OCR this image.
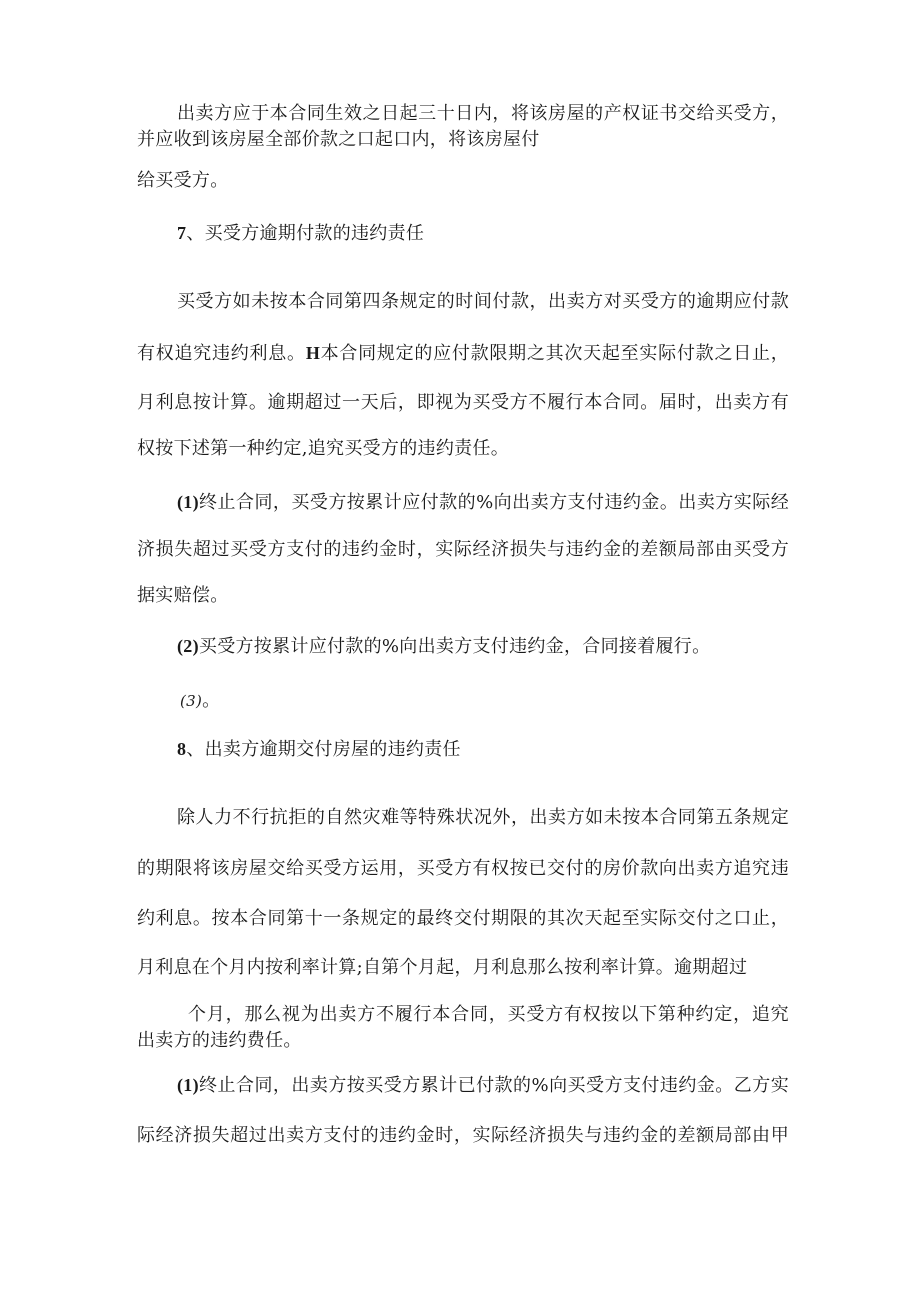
出卖方应于本合同生效之日起三十日内，将该房屋的产权证书交给买受方，
并应收到该房屋全部价款之口起口内，将该房屋付
给买受方。
7、买受方逾期付款的违约责任
买受方如未按本合同第四条规定的时间付款，出卖方对买受方的逾期应付款
有权追究违约利息。H本合同规定的应付款限期之其次天起至实际付款之日止，
月利息按计算。逾期超过一天后，即视为买受方不履行本合同。届时，出卖方有
权按下述第一种约定,追究买受方的违约责任。
(1)终止合同，买受方按累计应付款的%向出卖方支付违约金。出卖方实际经
济损失超过买受方支付的违约金时，实际经济损失与违约金的差额局部由买受方
据实赔偿。
(2)买受方按累计应付款的%向出卖方支付违约金，合同接着履行。
(3)。
8、出卖方逾期交付房屋的违约责任
除人力不行抗拒的自然灾难等特殊状况外，出卖方如未按本合同第五条规定
的期限将该房屋交给买受方运用，买受方有权按已交付的房价款向出卖方追究违
约利息。按本合同第十一条规定的最终交付期限的其次天起至实际交付之口止，
月利息在个月内按利率计算;自第个月起，月利息那么按利率计算。逾期超过
个月，那么视为出卖方不履行本合同，买受方有权按以下第种约定，追究
出卖方的违约费任。
(1)终止合同，出卖方按买受方累计已付款的%向买受方支付违约金。乙方实
际经济损失超过出卖方支付的违约金时，实际经济损失与违约金的差额局部由甲
